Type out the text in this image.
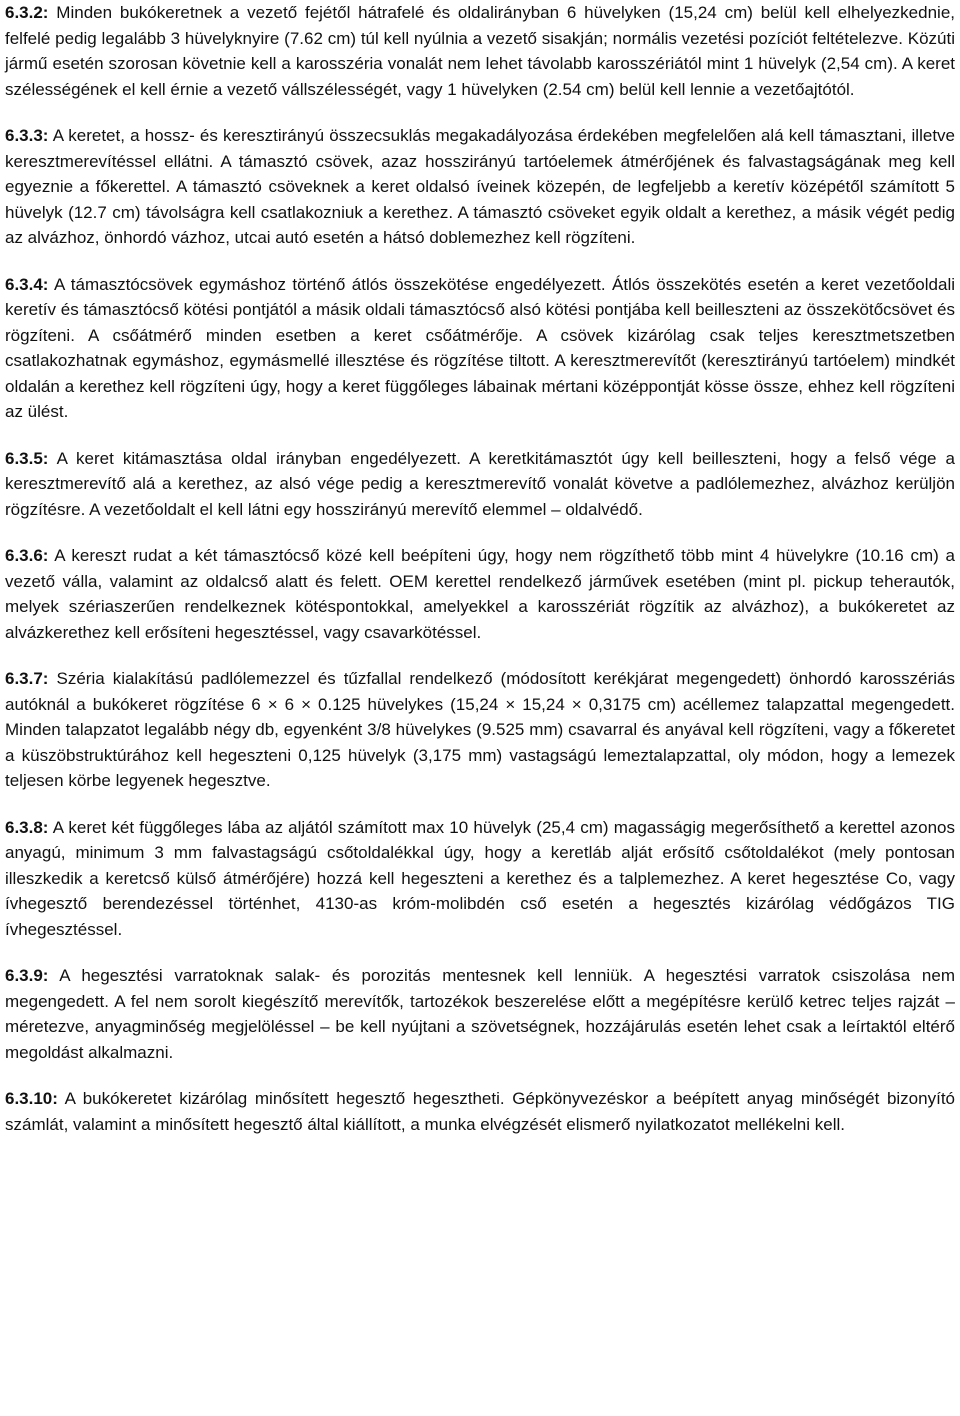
6.3.2: Minden bukókeretnek a vezető fejétől hátrafelé és oldalirányban 6 hüvelyken (15,24 cm) belül kell elhelyezkednie, felfelé pedig legalább 3 hüvelyknyire (7.62 cm) túl kell nyúlnia a vezető sisakján; normális vezetési pozíciót feltételezve. Közúti jármű esetén szorosan követnie kell a karosszéria vonalát nem lehet távolabb karosszériától mint 1 hüvelyk (2,54 cm). A keret szélességének el kell érnie a vezető vállszélességét, vagy 1 hüvelyken (2.54 cm) belül kell lennie a vezetőajtótól.

6.3.3: A keretet, a hossz- és keresztirányú összecsuklás megakadályozása érdekében megfelelően alá kell támasztani, illetve keresztmerevítéssel ellátni. A támasztó csövek, azaz hosszirányú tartóelemek átmérőjének és falvastagságának meg kell egyeznie a főkerettel. A támasztó csöveknek a keret oldalsó íveinek közepén, de legfeljebb a keretív középétől számított 5 hüvelyk (12.7 cm) távolságra kell csatlakozniuk a kerethez. A támasztó csöveket egyik oldalt a kerethez, a másik végét pedig az alvázhoz, önhordó vázhoz, utcai autó esetén a hátsó doblemezhez kell rögzíteni.

6.3.4: A támasztócsövek egymáshoz történő átlós összekötése engedélyezett. Átlós összekötés esetén a keret vezetőoldali keretív és támasztócső kötési pontjától a másik oldali támasztócső alsó kötési pontjába kell beilleszteni az összekötőcsövet és rögzíteni. A csőátmérő minden esetben a keret csőátmérője. A csövek kizárólag csak teljes keresztmetszetben csatlakozhatnak egymáshoz, egymásmellé illesztése és rögzítése tiltott. A keresztmerevítőt (keresztirányú tartóelem) mindkét oldalán a kerethez kell rögzíteni úgy, hogy a keret függőleges lábainak mértani középpontját kösse össze, ehhez kell rögzíteni az ülést.

6.3.5: A keret kitámasztása oldal irányban engedélyezett. A keretkitámasztót úgy kell beilleszteni, hogy a felső vége a keresztmerevítő alá a kerethez, az alsó vége pedig a keresztmerevítő vonalát követve a padlólemezhez, alvázhoz kerüljön rögzítésre. A vezetőoldalt el kell látni egy hosszirányú merevítő elemmel – oldalvédő.

6.3.6: A kereszt rudat a két támasztócső közé kell beépíteni úgy, hogy nem rögzíthető több mint 4 hüvelykre (10.16 cm) a vezető válla, valamint az oldalcső alatt és felett. OEM kerettel rendelkező járművek esetében (mint pl. pickup teherautók, melyek szériaszerűen rendelkeznek kötéspontokkal, amelyekkel a karosszériát rögzítik az alvázhoz), a bukókeretet az alvázkerethez kell erősíteni hegesztéssel, vagy csavarkötéssel.

6.3.7: Széria kialakítású padlólemezzel és tűzfallal rendelkező (módosított kerékjárat megengedett) önhordó karosszériás autóknál a bukókeret rögzítése 6 × 6 × 0.125 hüvelykes (15,24 × 15,24 × 0,3175 cm) acéllemez talapzattal megengedett. Minden talapzatot legalább négy db, egyenként 3/8 hüvelykes (9.525 mm) csavarral és anyával kell rögzíteni, vagy a főkeretet a küszöbstruktúrához kell hegeszteni 0,125 hüvelyk (3,175 mm) vastagságú lemeztalapzattal, oly módon, hogy a lemezek teljesen körbe legyenek hegesztve.

6.3.8: A keret két függőleges lába az aljától számított max 10 hüvelyk (25,4 cm) magasságig megerősíthető a kerettel azonos anyagú, minimum 3 mm falvastagságú csőtoldalékkal úgy, hogy a keretláb alját erősítő csőtoldalékot (mely pontosan illeszkedik a keretcső külső átmérőjére) hozzá kell hegeszteni a kerethez és a talplemezhez. A keret hegesztése Co, vagy ívhegesztő berendezéssel történhet, 4130-as króm-molibdén cső esetén a hegesztés kizárólag védőgázos TIG ívhegesztéssel.

6.3.9: A hegesztési varratoknak salak- és porozitás mentesnek kell lenniük. A hegesztési varratok csiszolása nem megengedett. A fel nem sorolt kiegészítő merevítők, tartozékok beszerelése előtt a megépítésre kerülő ketrec teljes rajzát – méretezve, anyagminőség megjelöléssel – be kell nyújtani a szövetségnek, hozzájárulás esetén lehet csak a leírtaktól eltérő megoldást alkalmazni.

6.3.10: A bukókeretet kizárólag minősített hegesztő hegesztheti. Gépkönyvezéskor a beépített anyag minőségét bizonyító számlát, valamint a minősített hegesztő által kiállított, a munka elvégzését elismerő nyilatkozatot mellékelni kell.
